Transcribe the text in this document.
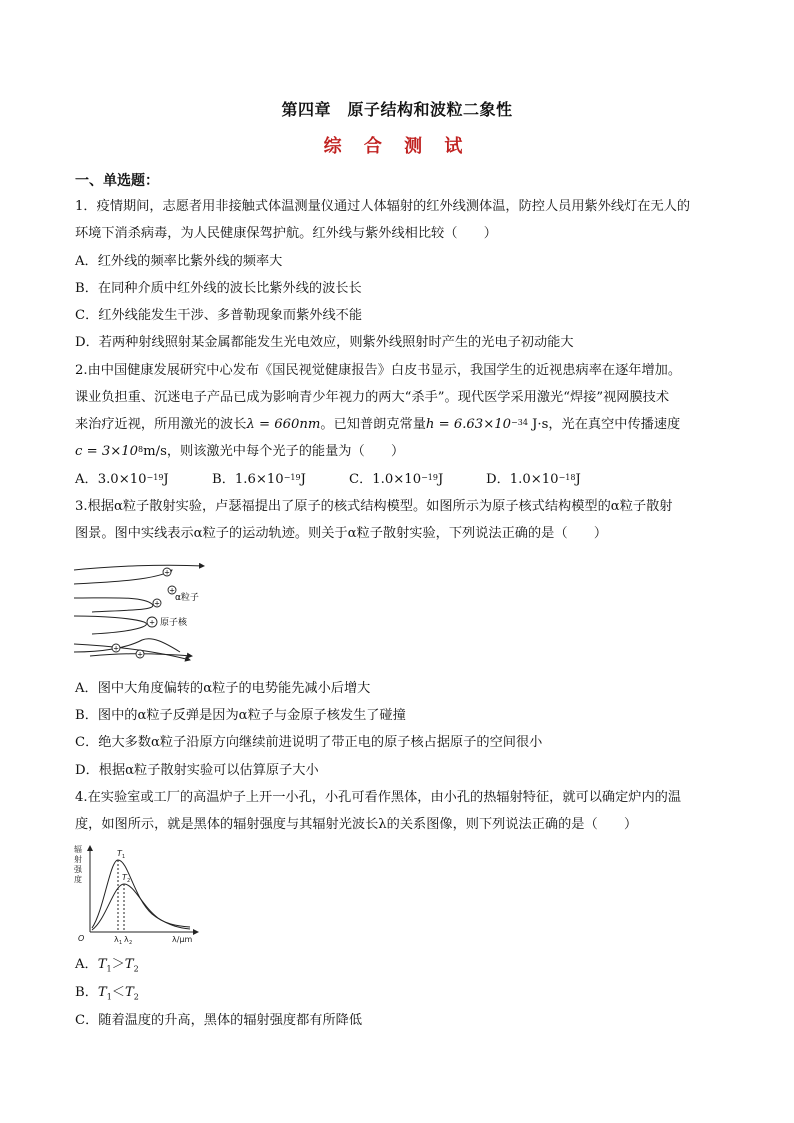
第四章　原子结构和波粒二象性
综 合 测 试
一、单选题：
1．疫情期间，志愿者用非接触式体温测量仪通过人体辐射的红外线测体温，防控人员用紫外线灯在无人的
环境下消杀病毒，为人民健康保驾护航。红外线与紫外线相比较（　　）
A．红外线的频率比紫外线的频率大
B．在同种介质中红外线的波长比紫外线的波长长
C．红外线能发生干涉、多普勒现象而紫外线不能
D．若两种射线照射某金属都能发生光电效应，则紫外线照射时产生的光电子初动能大
2.由中国健康发展研究中心发布《国民视觉健康报告》白皮书显示，我国学生的近视患病率在逐年增加。
课业负担重、沉迷电子产品已成为影响青少年视力的两大“杀手”。现代医学采用激光“焊接”视网膜技术
来治疗近视，所用激光的波长λ = 660nm。已知普朗克常量$h = 6.63\times 10^{-34}$ J·s，光在真空中传播速度
$c = 3\times 10^8m/s$，则该激光中每个光子的能量为（　　）
A．$3.0\times 10^{-19}J$	B．$1.6\times 10^{-19}J$	C．$1.0\times 10^{-19}J$	D．$1.0\times 10^{-18}J$
3.根据α粒子散射实验，卢瑟福提出了原子的核式结构模型。如图所示为原子核式结构模型的α粒子散射
图景。图中实线表示α粒子的运动轨迹。则关于α粒子散射实验，下列说法正确的是（　　）
+
+
+
+
+
+
α粒子
原子核
A．图中大角度偏转的α粒子的电势能先减小后增大
B．图中的α粒子反弹是因为α粒子与金原子核发生了碰撞
C．绝大多数α粒子沿原方向继续前进说明了带正电的原子核占据原子的空间很小
D．根据α粒子散射实验可以估算原子大小
4.在实验室或工厂的高温炉子上开一小孔，小孔可看作黑体，由小孔的热辐射特征，就可以确定炉内的温
度，如图所示，就是黑体的辐射强度与其辐射光波长λ的关系图像，则下列说法正确的是（　　）
辐
射
强
度
O	λ/μm
T 1
T 2
λ 1 λ 2
A．$T_1>T_2$
B．$T_1<T_2$
C．随着温度的升高，黑体的辐射强度都有所降低
